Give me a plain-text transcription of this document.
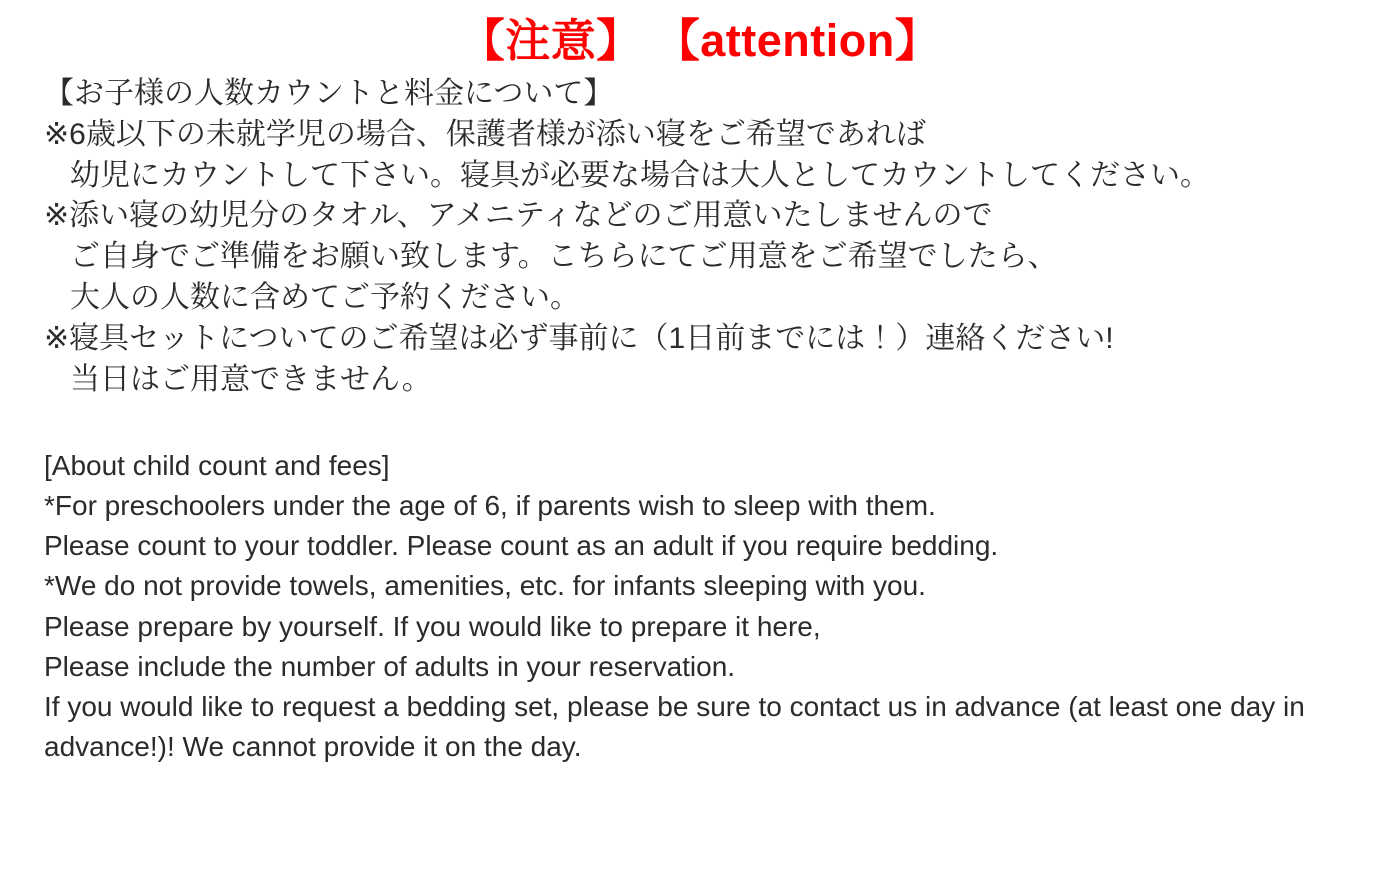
【注意】 【attention】
【お子様の人数カウントと料金について】
※6歳以下の未就学児の場合、保護者様が添い寝をご希望であれば
幼児にカウントして下さい。寝具が必要な場合は大人としてカウントしてください。
※添い寝の幼児分のタオル、アメニティなどのご用意いたしませんので
ご自身でご準備をお願い致します。こちらにてご用意をご希望でしたら、
大人の人数に含めてご予約ください。
※寝具セットについてのご希望は必ず事前に（1日前までには！）連絡ください!
当日はご用意できません。
[About child count and fees]
*For preschoolers under the age of 6, if parents wish to sleep with them.
Please count to your toddler. Please count as an adult if you require bedding.
*We do not provide towels, amenities, etc. for infants sleeping with you.
Please prepare by yourself. If you would like to prepare it here,
Please include the number of adults in your reservation.
If you would like to request a bedding set, please be sure to contact us in advance (at least one day in advance!)! We cannot provide it on the day.
